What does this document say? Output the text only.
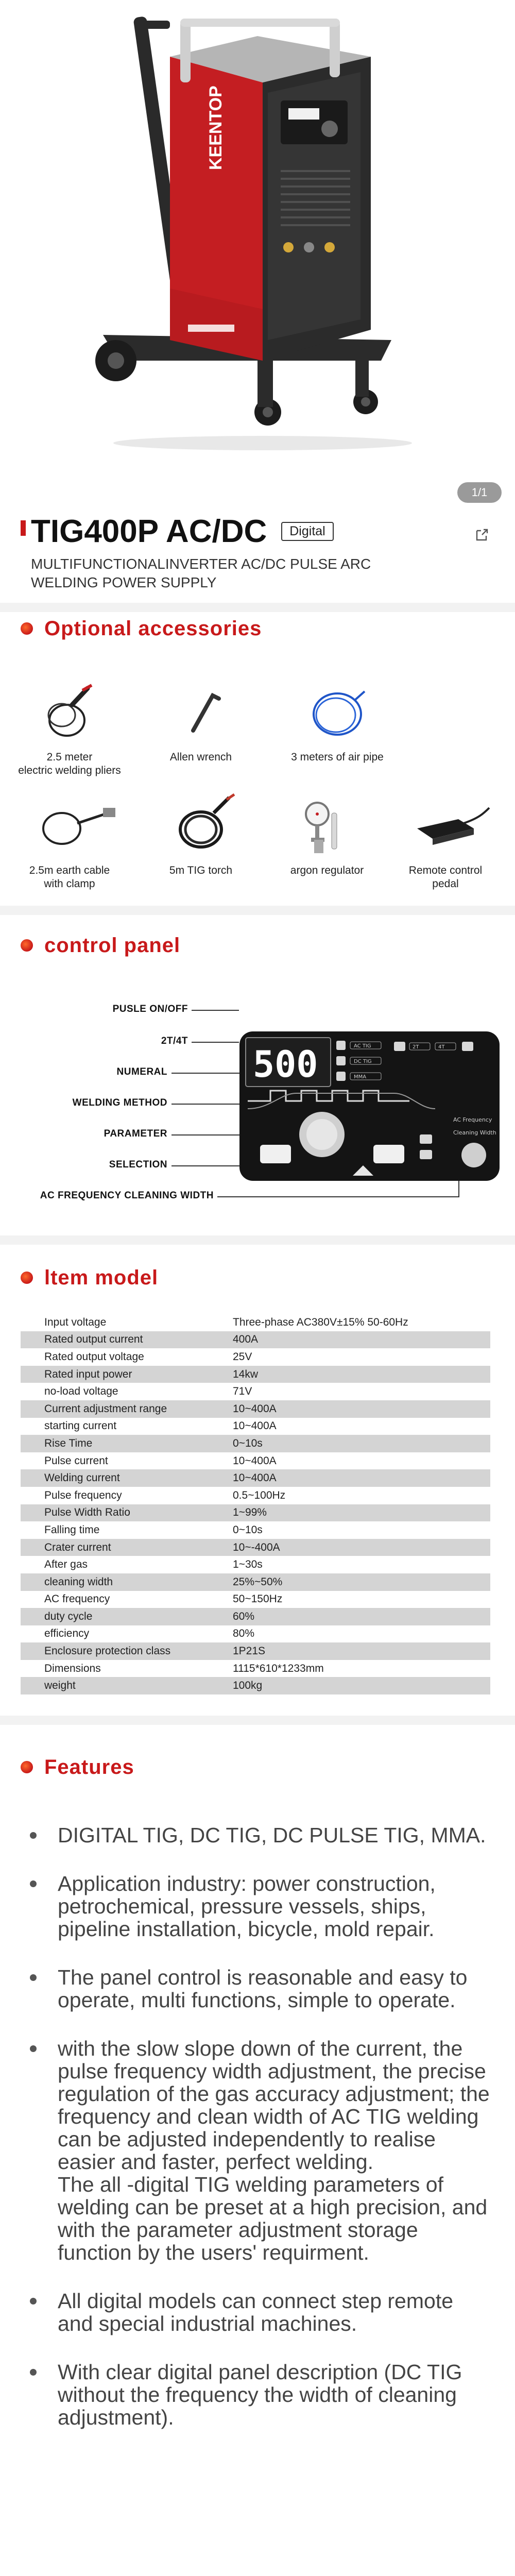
KEENTOP
1/1
TIG400P AC/DC	Digital
MULTIFUNCTIONALINVERTER AC/DC PULSE ARC WELDING POWER SUPPLY
Optional accessories
2.5 meter
electric welding pliers
Allen wrench	3 meters of air pipe
2.5m earth cable
with clamp
5m TIG torch	argon regulator	Remote control
pedal
control panel
PUSLE ON/OFF
2T/4T
NUMERAL
WELDING METHOD
PARAMETER
SELECTION
AC FREQUENCY CLEANING WIDTH
500	AC TIG
DC TIG
MMA
2T	4T
AC Frequency
Cleaning Width
ltem model
Input voltage	Three-phase AC380V±15% 50-60Hz
Rated output current	400A
Rated output voltage	25V
Rated input power	14kw
no-load voltage	71V
Current adjustment range	10~400A
starting current	10~400A
Rise Time	0~10s
Pulse current	10~400A
Welding current	10~400A
Pulse frequency	0.5~100Hz
Pulse Width Ratio	1~99%
Falling time	0~10s
Crater current	10~-400A
After gas	1~30s
cleaning width	25%~50%
AC frequency	50~150Hz
duty cycle	60%
efficiency	80%
Enclosure protection class	1P21S
Dimensions	1115*610*1233mm
weight	100kg
Features
DIGITAL TIG, DC TIG, DC PULSE TIG, MMA.
Application industry: power construction, petrochemical, pressure vessels, ships, pipeline installation, bicycle, mold repair.
The panel control is reasonable and easy to operate, multi functions, simple to operate.
with the slow slope down of the current, the pulse frequency width adjustment, the precise regulation of the gas accuracy adjustment; the frequency and clean width of AC TIG welding can be adjusted independently to realise easier and faster, perfect welding.
The all -digital TIG welding parameters of welding can be preset at a high precision, and with the parameter adjustment storage function by the users' requirment.
All digital models can connect step remote and special industrial machines.
With clear digital panel description (DC TIG without the frequency the width of cleaning adjustment).
